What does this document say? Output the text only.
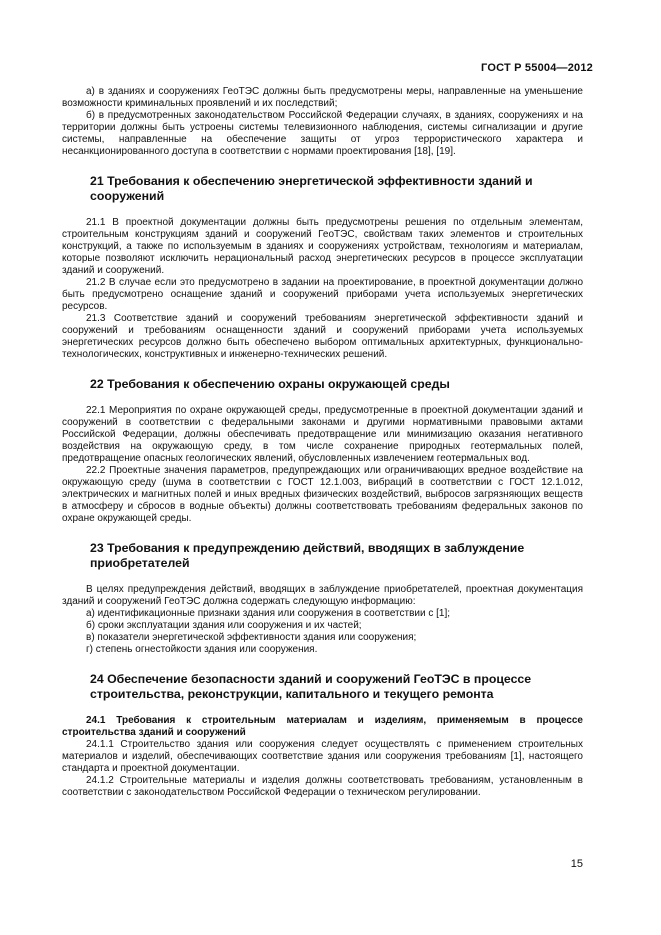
ГОСТ Р 55004—2012

а) в зданиях и сооружениях ГеоТЭС должны быть предусмотрены меры, направленные на уменьшение возможности криминальных проявлений и их последствий;

б) в предусмотренных законодательством Российской Федерации случаях, в зданиях, сооружениях и на территории должны быть устроены системы телевизионного наблюдения, системы сигнализации и другие системы, направленные на обеспечение защиты от угроз террористического характера и несанкционированного доступа в соответствии с нормами проектирования [18], [19].

21 Требования к обеспечению энергетической эффективности зданий и сооружений

21.1 В проектной документации должны быть предусмотрены решения по отдельным элементам, строительным конструкциям зданий и сооружений ГеоТЭС, свойствам таких элементов и строительных конструкций, а также по используемым в зданиях и сооружениях устройствам, технологиям и материалам, которые позволяют исключить нерациональный расход энергетических ресурсов в процессе эксплуатации зданий и сооружений.

21.2 В случае если это предусмотрено в задании на проектирование, в проектной документации должно быть предусмотрено оснащение зданий и сооружений приборами учета используемых энергетических ресурсов.

21.3 Соответствие зданий и сооружений требованиям энергетической эффективности зданий и сооружений и требованиям оснащенности зданий и сооружений приборами учета используемых энергетических ресурсов должно быть обеспечено выбором оптимальных архитектурных, функционально-технологических, конструктивных и инженерно-технических решений.

22 Требования к обеспечению охраны окружающей среды

22.1 Мероприятия по охране окружающей среды, предусмотренные в проектной документации зданий и сооружений в соответствии с федеральными законами и другими нормативными правовыми актами Российской Федерации, должны обеспечивать предотвращение или минимизацию оказания негативного воздействия на окружающую среду, в том числе сохранение природных геотермальных полей, предотвращение опасных геологических явлений, обусловленных извлечением геотермальных вод.

22.2 Проектные значения параметров, предупреждающих или ограничивающих вредное воздействие на окружающую среду (шума в соответствии с ГОСТ 12.1.003, вибраций в соответствии с ГОСТ 12.1.012, электрических и магнитных полей и иных вредных физических воздействий, выбросов загрязняющих веществ в атмосферу и сбросов в водные объекты) должны соответствовать требованиям федеральных законов по охране окружающей среды.

23 Требования к предупреждению действий, вводящих в заблуждение приобретателей

В целях предупреждения действий, вводящих в заблуждение приобретателей, проектная документация зданий и сооружений ГеоТЭС должна содержать следующую информацию:

а) идентификационные признаки здания или сооружения в соответствии с [1];

б) сроки эксплуатации здания или сооружения и их частей;

в) показатели энергетической эффективности здания или сооружения;

г) степень огнестойкости здания или сооружения.

24 Обеспечение безопасности зданий и сооружений ГеоТЭС в процессе строительства, реконструкции, капитального и текущего ремонта
24.1 Требования к строительным материалам и изделиям, применяемым в процессе строительства зданий и сооружений

24.1.1 Строительство здания или сооружения следует осуществлять с применением строительных материалов и изделий, обеспечивающих соответствие здания или сооружения требованиям [1], настоящего стандарта и проектной документации.

24.1.2 Строительные материалы и изделия должны соответствовать требованиям, установленным в соответствии с законодательством Российской Федерации о техническом регулировании.

15
